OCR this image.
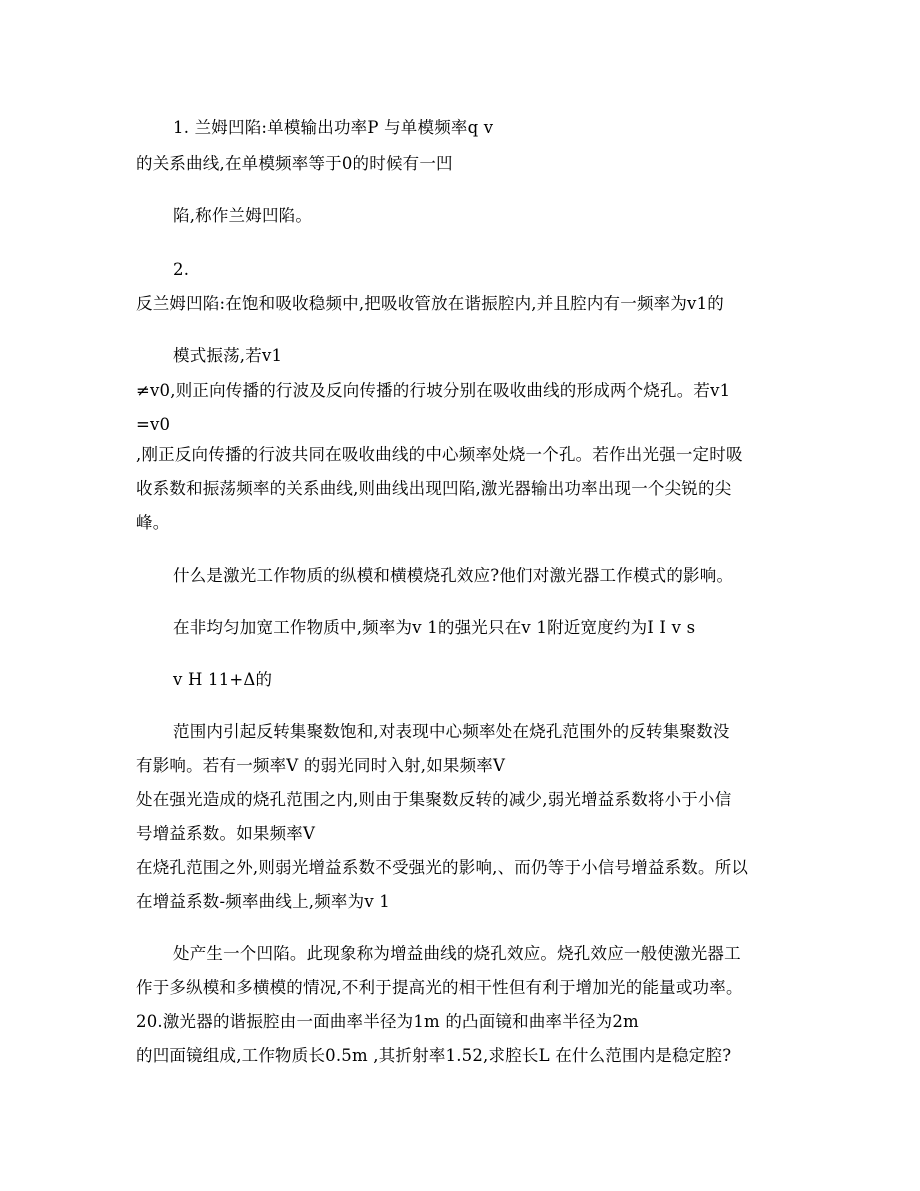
1. 兰姆凹陷:单模输出功率P 与单模频率q v
的关系曲线,在单模频率等于0的时候有一凹
陷,称作兰姆凹陷。
2.
反兰姆凹陷:在饱和吸收稳频中,把吸收管放在谐振腔内,并且腔内有一频率为v1的
模式振荡,若v1
≠v0,则正向传播的行波及反向传播的行坡分别在吸收曲线的形成两个烧孔。若v1
=v0
,刚正反向传播的行波共同在吸收曲线的中心频率处烧一个孔。若作出光强一定时吸
收系数和振荡频率的关系曲线,则曲线出现凹陷,激光器输出功率出现一个尖锐的尖
峰。
什么是激光工作物质的纵模和横模烧孔效应?他们对激光器工作模式的影响。
在非均匀加宽工作物质中,频率为v 1的强光只在v 1附近宽度约为I I v s
v H 11+Δ的
范围内引起反转集聚数饱和,对表现中心频率处在烧孔范围外的反转集聚数没
有影响。若有一频率V 的弱光同时入射,如果频率V
处在强光造成的烧孔范围之内,则由于集聚数反转的减少,弱光增益系数将小于小信
号增益系数。如果频率V
在烧孔范围之外,则弱光增益系数不受强光的影响,、而仍等于小信号增益系数。所以
在增益系数-频率曲线上,频率为v 1
处产生一个凹陷。此现象称为增益曲线的烧孔效应。烧孔效应一般使激光器工
作于多纵模和多横模的情况,不利于提高光的相干性但有利于增加光的能量或功率。
20.激光器的谐振腔由一面曲率半径为1m 的凸面镜和曲率半径为2m
的凹面镜组成,工作物质长0.5m ,其折射率1.52,求腔长L 在什么范围内是稳定腔?
